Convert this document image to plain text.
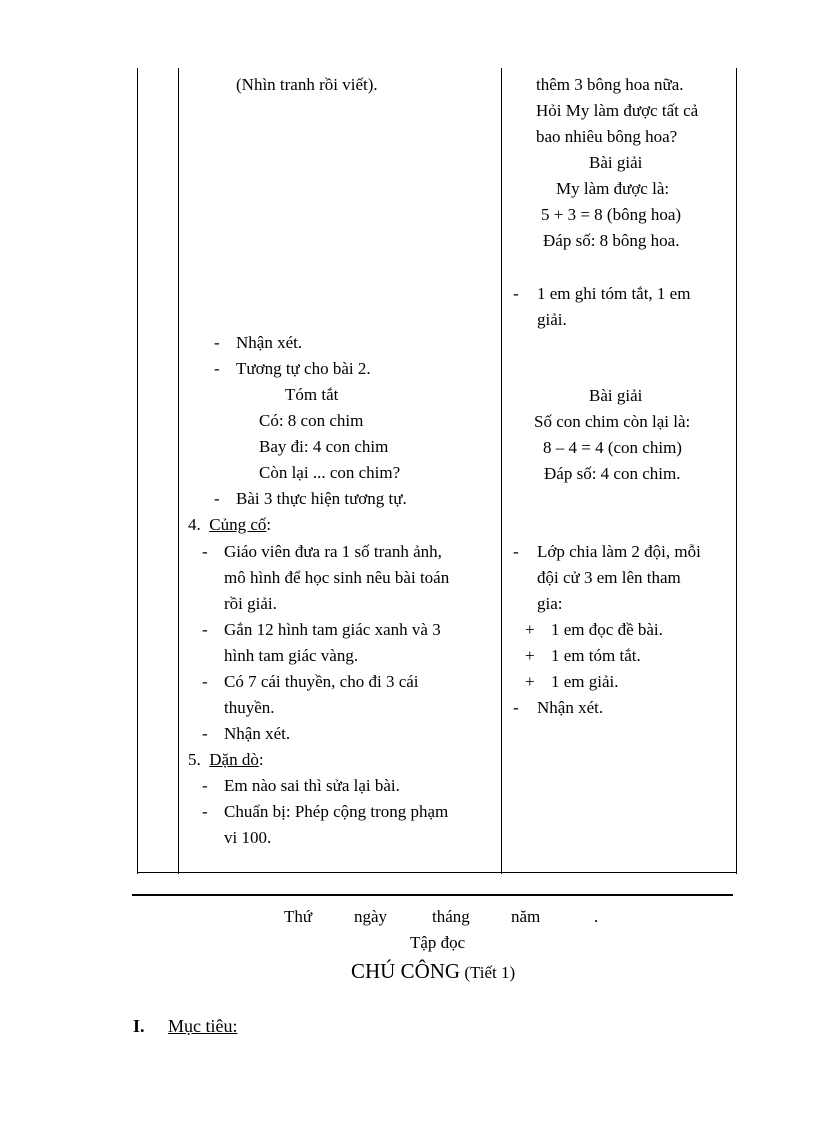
(Nhìn tranh rồi viết).
- Nhận xét.
- Tương tự cho bài 2.
Tóm tắt
Có: 8 con chim
Bay đi: 4 con chim
Còn lại ... con chim?
- Bài 3 thực hiện tương tự.
4. Củng cố:
- Giáo viên đưa ra 1 số tranh ảnh,
mô hình để học sinh nêu bài toán
rồi giải.
- Gắn 12 hình tam giác xanh và 3
hình tam giác vàng.
- Có 7 cái thuyền, cho đi 3 cái
thuyền.
- Nhận xét.
5. Dặn dò:
- Em nào sai thì sửa lại bài.
- Chuẩn bị: Phép cộng trong phạm
vi 100.
thêm 3 bông hoa nữa.
Hỏi My làm được tất cả
bao nhiêu bông hoa?
Bài giải
My làm được là:
5 + 3 = 8 (bông hoa)
Đáp số: 8 bông hoa.
- 1 em ghi tóm tắt, 1 em
giải.
Bài giải
Số con chim còn lại là:
8 – 4 = 4 (con chim)
Đáp số: 4 con chim.
- Lớp chia làm 2 đội, mỗi
đội cử 3 em lên tham
gia:
+ 1 em đọc đề bài.
+ 1 em tóm tắt.
+ 1 em giải.
- Nhận xét.
Thứ ngày	tháng năm	.
Tập đọc
CHÚ CÔNG (Tiết 1)
I. Mục tiêu:
